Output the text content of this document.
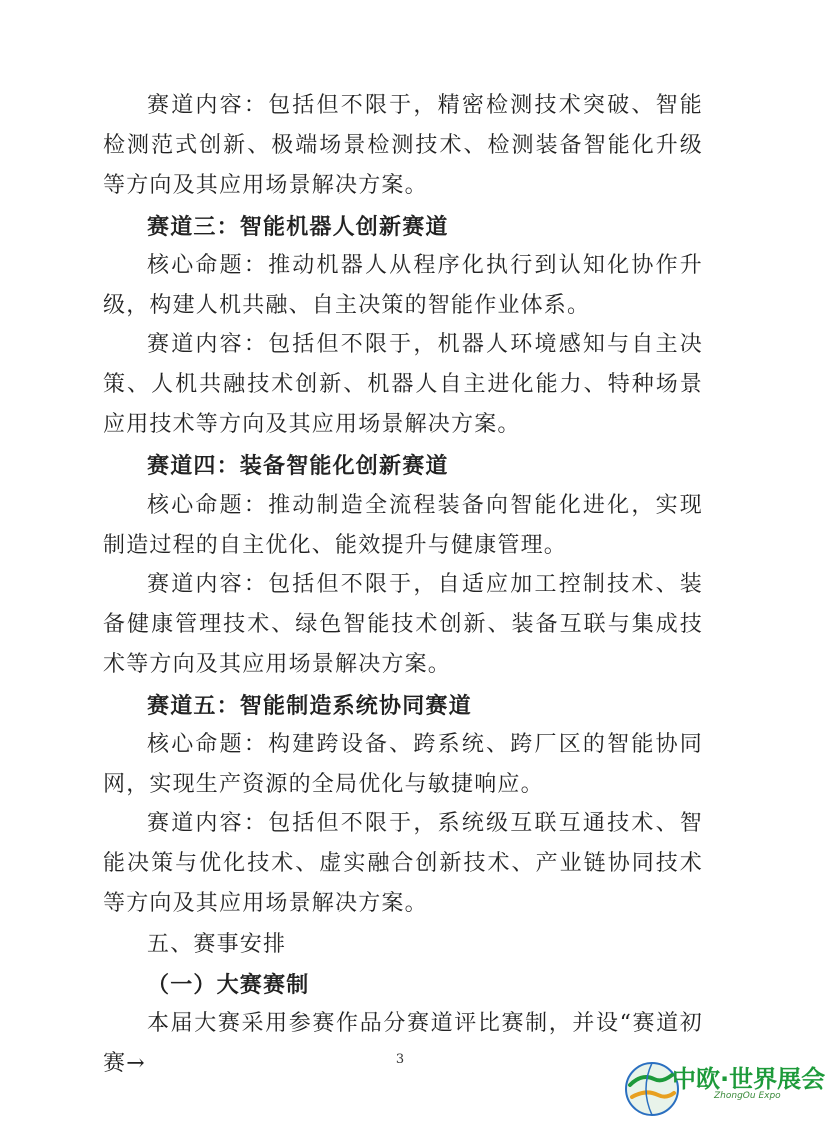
赛道内容：包括但不限于，精密检测技术突破、智能检测范式创新、极端场景检测技术、检测装备智能化升级等方向及其应用场景解决方案。

赛道三：智能机器人创新赛道

核心命题：推动机器人从程序化执行到认知化协作升级，构建人机共融、自主决策的智能作业体系。

赛道内容：包括但不限于，机器人环境感知与自主决策、人机共融技术创新、机器人自主进化能力、特种场景应用技术等方向及其应用场景解决方案。

赛道四：装备智能化创新赛道

核心命题：推动制造全流程装备向智能化进化，实现制造过程的自主优化、能效提升与健康管理。

赛道内容：包括但不限于，自适应加工控制技术、装备健康管理技术、绿色智能技术创新、装备互联与集成技术等方向及其应用场景解决方案。

赛道五：智能制造系统协同赛道

核心命题：构建跨设备、跨系统、跨厂区的智能协同网，实现生产资源的全局优化与敏捷响应。

赛道内容：包括但不限于，系统级互联互通技术、智能决策与优化技术、虚实融合创新技术、产业链协同技术等方向及其应用场景解决方案。

五、赛事安排

（一）大赛赛制

本届大赛采用参赛作品分赛道评比赛制，并设“赛道初赛→	3
中欧·世界展会
ZhongOu Expo
